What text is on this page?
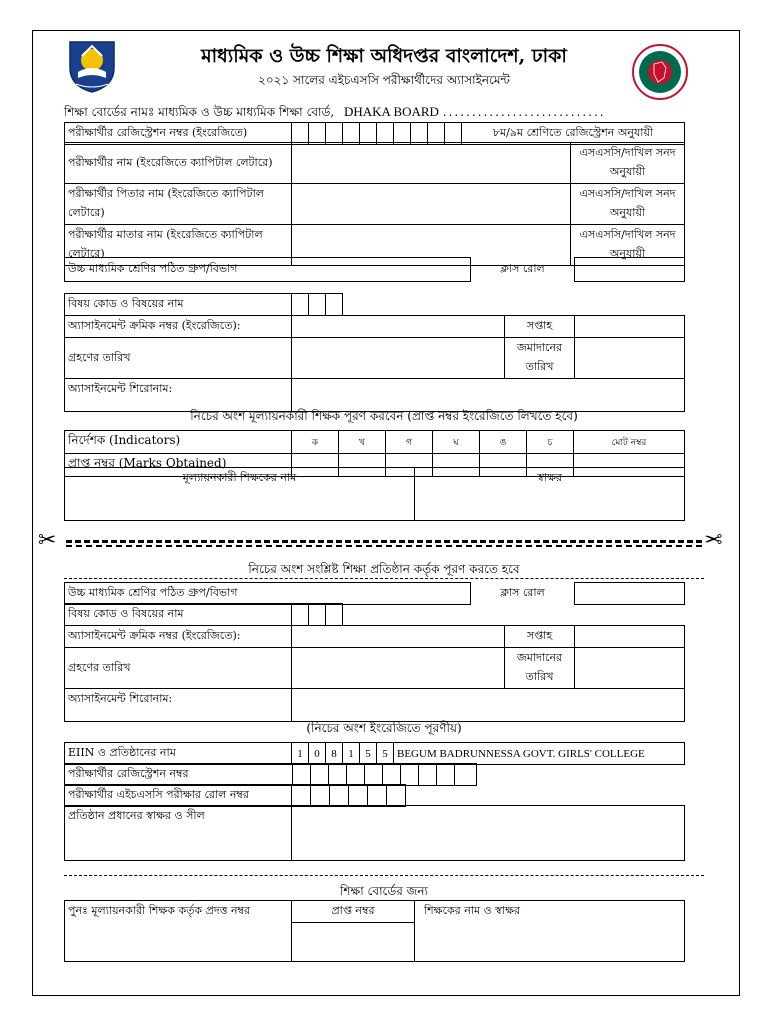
মাধ্যমিক ও উচ্চ শিক্ষা অধিদপ্তর বাংলাদেশ, ঢাকা
২০২১ সালের এইচএসসি পরীক্ষার্থীদের অ্যাসাইনমেন্ট
শিক্ষা বোর্ডের নামঃ মাধ্যমিক ও উচ্চ মাধ্যমিক শিক্ষা বোর্ড, DHAKA BOARD ............................
পরীক্ষার্থীর রেজিস্ট্রেশন নম্বর (ইংরেজিতে)											৮ম/৯ম শ্রেণিতে রেজিস্ট্রেশন অনুযায়ী
পরীক্ষার্থীর নাম (ইংরেজিতে ক্যাপিটাল লেটারে)		এসএসসি/দাখিল সনদ অনুযায়ী
পরীক্ষার্থীর পিতার নাম (ইংরেজিতে ক্যাপিটাল লেটারে)		এসএসসি/দাখিল সনদ অনুযায়ী
পরীক্ষার্থীর মাতার নাম (ইংরেজিতে ক্যাপিটাল লেটারে)		এসএসসি/দাখিল সনদ অনুযায়ী
উচ্চ মাধ্যমিক শ্রেণির পঠিত গ্রুপ/বিভাগ	ক্লাস রোল	
বিষয় কোড ও বিষয়ের নাম						
অ্যাসাইনমেন্ট ক্রমিক নম্বর (ইংরেজিতে):					সপ্তাহ	
গ্রহণের তারিখ					জমাদানের তারিখ	
অ্যাসাইনমেন্ট শিরোনাম:						
নিচের অংশ মূল্যায়নকারী শিক্ষক পূরণ করবেন (প্রাপ্ত নম্বর ইংরেজিতে লিখতে হবে)
নির্দেশক (Indicators)	ক	খ	গ	ঘ	ঙ	চ	মোট নম্বর
প্রাপ্ত নম্বর (Marks Obtained)							
মূল্যায়নকারী শিক্ষকের নাম	স্বাক্ষর
✂	✂
নিচের অংশ সংশ্লিষ্ট শিক্ষা প্রতিষ্ঠান কর্তৃক পূরণ করতে হবে
উচ্চ মাধ্যমিক শ্রেণির পঠিত গ্রুপ/বিভাগ	ক্লাস রোল	
বিষয় কোড ও বিষয়ের নাম						
অ্যাসাইনমেন্ট ক্রমিক নম্বর (ইংরেজিতে):					সপ্তাহ	
গ্রহণের তারিখ					জমাদানের তারিখ	
অ্যাসাইনমেন্ট শিরোনাম:						
(নিচের অংশ ইংরেজিতে পূরণীয়)
EIIN ও প্রতিষ্ঠানের নাম	1	0	8	1	5	5	BEGUM BADRUNNESSA GOVT. GIRLS' COLLEGE
পরীক্ষার্থীর রেজিস্ট্রেশন নম্বর										
পরীক্ষার্থীর এইচএসসি পরীক্ষার রোল নম্বর						
প্রতিষ্ঠান প্রধানের স্বাক্ষর ও সীল	
শিক্ষা বোর্ডের জন্য
পুনঃ মূল্যায়নকারী শিক্ষক কর্তৃক প্রদত্ত নম্বর	প্রাপ্ত নম্বর	শিক্ষকের নাম ও স্বাক্ষর
